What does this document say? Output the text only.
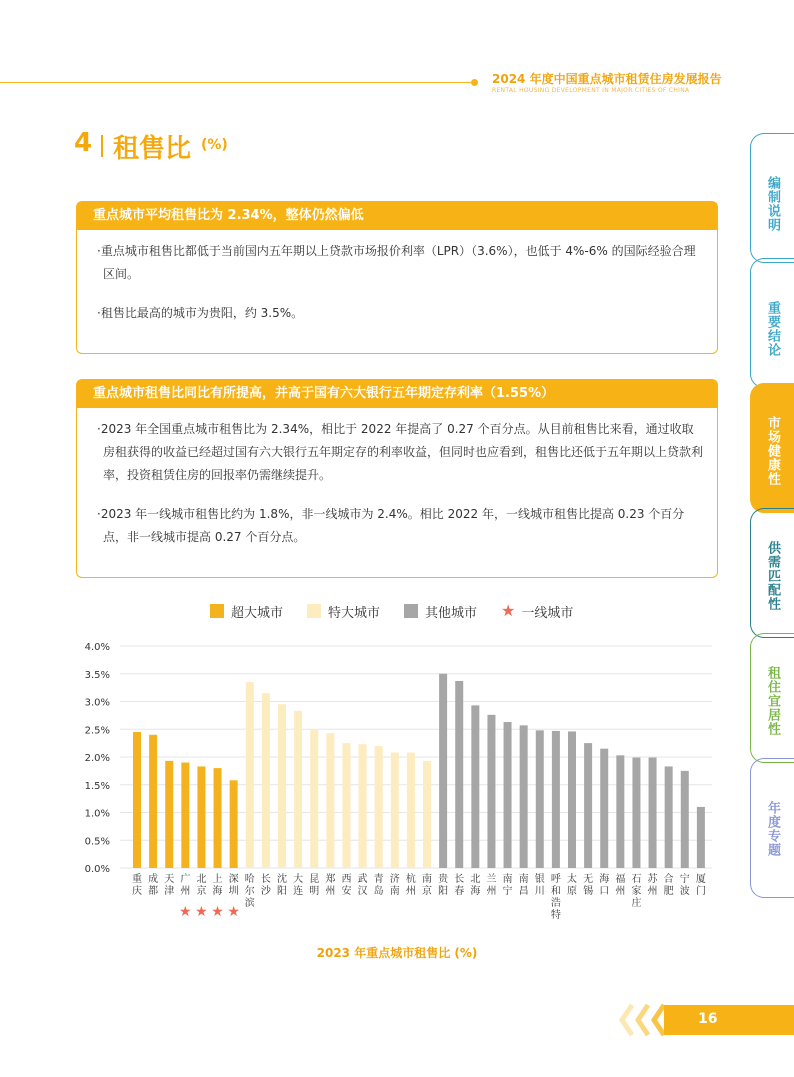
2024 年度中国重点城市租赁住房发展报告
RENTAL HOUSING DEVELOPMENT IN MAJOR CITIES OF CHINA
4 租售比 (%)
重点城市平均租售比为 2.34%，整体仍然偏低

·重点城市租售比都低于当前国内五年期以上贷款市场报价利率（LPR）（3.6%），也低于 4%-6% 的国际经验合理区间。

·租售比最高的城市为贵阳，约 3.5%。

重点城市租售比同比有所提高，并高于国有六大银行五年期定存利率（1.55%）

·2023 年全国重点城市租售比为 2.34%，相比于 2022 年提高了 0.27 个百分点。从目前租售比来看，通过收取房租获得的收益已经超过国有六大银行五年期定存的利率收益，但同时也应看到，租售比还低于五年期以上贷款利率，投资租赁住房的回报率仍需继续提升。

·2023 年一线城市租售比约为 1.8%，非一线城市为 2.4%。相比 2022 年，一线城市租售比提高 0.23 个百分点，非一线城市提高 0.27 个百分点。

编制说明
重要结论
市场健康性
供需匹配性
租住宜居性
年度专题
超大城市	特大城市	其他城市 ★ 一线城市
0.0%
0.5%
1.0%
1.5%
2.0%
2.5%
3.0%
3.5%
4.0%
重
庆
成
都
天
津
广
州
★
北
京
★
上
海
★
深
圳
★
哈
尔
滨
长
沙
沈
阳
大
连
昆
明
郑
州
西
安
武
汉
青
岛
济
南
杭
州
南
京
贵
阳
长
春
北
海
兰
州
南
宁
南
昌
银
川
呼
和
浩
特
太
原
无
锡
海
口
福
州
石
家
庄
苏
州
合
肥
宁
波
厦
门
2023 年重点城市租售比 (%)
16
